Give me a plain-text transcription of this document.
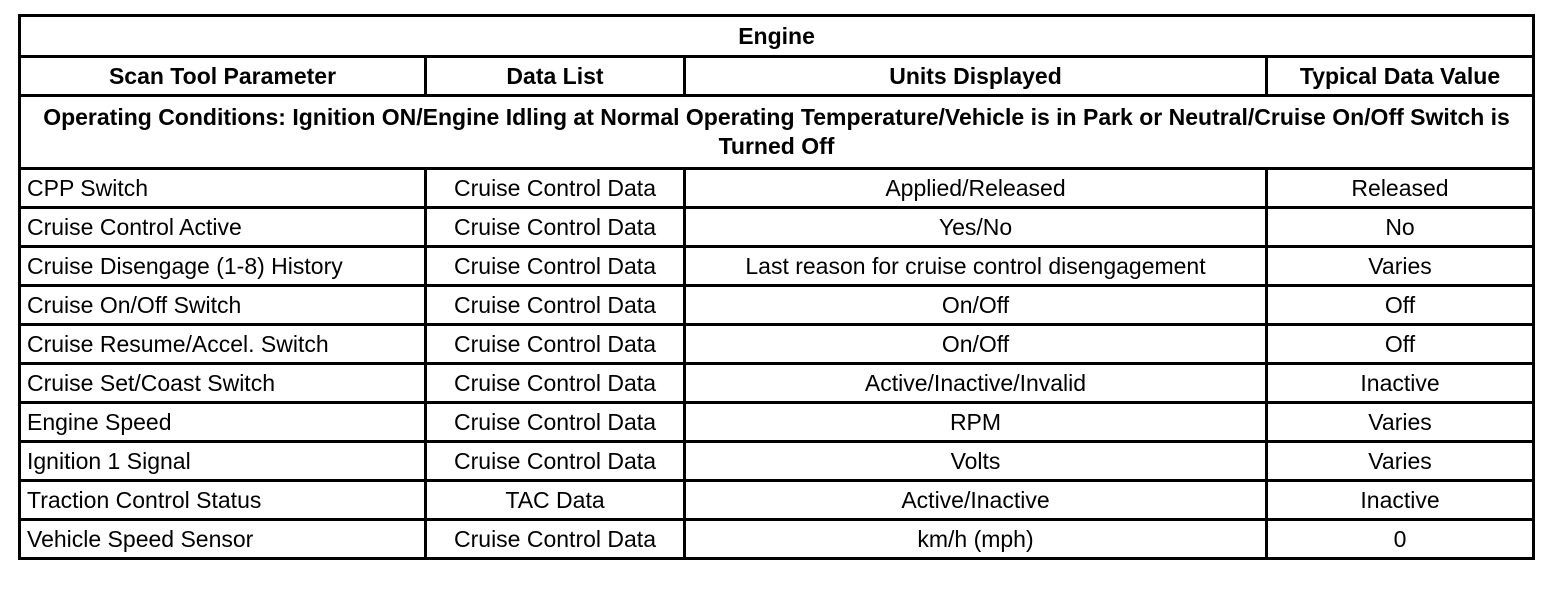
Engine			
Scan Tool Parameter	Data List	Units Displayed	Typical Data Value
Operating Conditions: Ignition ON/Engine Idling at Normal Operating Temperature/Vehicle is in Park or Neutral/Cruise On/Off Switch is Turned Off			
CPP Switch	Cruise Control Data	Applied/Released	Released
Cruise Control Active	Cruise Control Data	Yes/No	No
Cruise Disengage (1-8) History	Cruise Control Data	Last reason for cruise control disengagement	Varies
Cruise On/Off Switch	Cruise Control Data	On/Off	Off
Cruise Resume/Accel. Switch	Cruise Control Data	On/Off	Off
Cruise Set/Coast Switch	Cruise Control Data	Active/Inactive/Invalid	Inactive
Engine Speed	Cruise Control Data	RPM	Varies
Ignition 1 Signal	Cruise Control Data	Volts	Varies
Traction Control Status	TAC Data	Active/Inactive	Inactive
Vehicle Speed Sensor	Cruise Control Data	km/h (mph)	0
